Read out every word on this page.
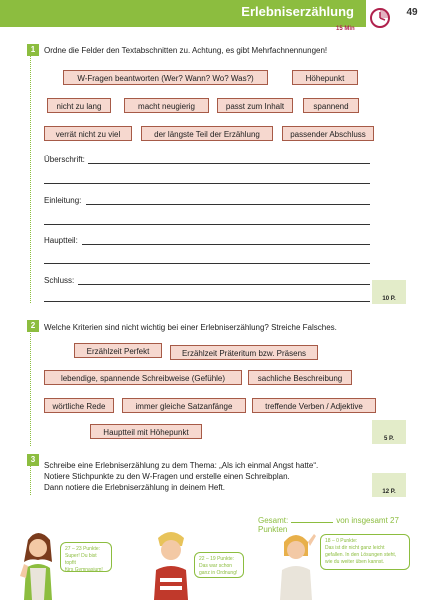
Erlebniserzählung	49
15 Min
1	Ordne die Felder den Textabschnitten zu. Achtung, es gibt Mehrfachnennungen!
W-Fragen beantworten (Wer? Wann? Wo? Was?)	Höhepunkt
nicht zu lang	macht neugierig	passt zum Inhalt	spannend
verrät nicht zu viel	der längste Teil der Erzählung	passender Abschluss
Überschrift:
Einleitung:
Hauptteil:
Schluss:
10 P.
2	Welche Kriterien sind nicht wichtig bei einer Erlebniserzählung? Streiche Falsches.
Erzählzeit Perfekt	Erzählzeit Präteritum bzw. Präsens
lebendige, spannende Schreibweise (Gefühle)	sachliche Beschreibung
wörtliche Rede	immer gleiche Satzanfänge	treffende Verben / Adjektive
Hauptteil mit Höhepunkt
5 P.
3
Schreibe eine Erlebniserzählung zu dem Thema: „Als ich einmal Angst hatte“.
Notiere Stichpunkte zu den W-Fragen und erstelle einen Schreibplan.
Dann notiere die Erlebniserzählung in deinem Heft.	12 P.
Gesamt:	von insgesamt 27 Punkten
27 – 23 Punkte:
Super! Du bist topfit
fürs Gymnasium!
22 – 19 Punkte:
Das war schon
ganz in Ordnung!
18 – 0 Punkte:
Das ist dir nicht ganz leicht
gefallen. In den Lösungen steht,
wie du weiter üben kannst.
